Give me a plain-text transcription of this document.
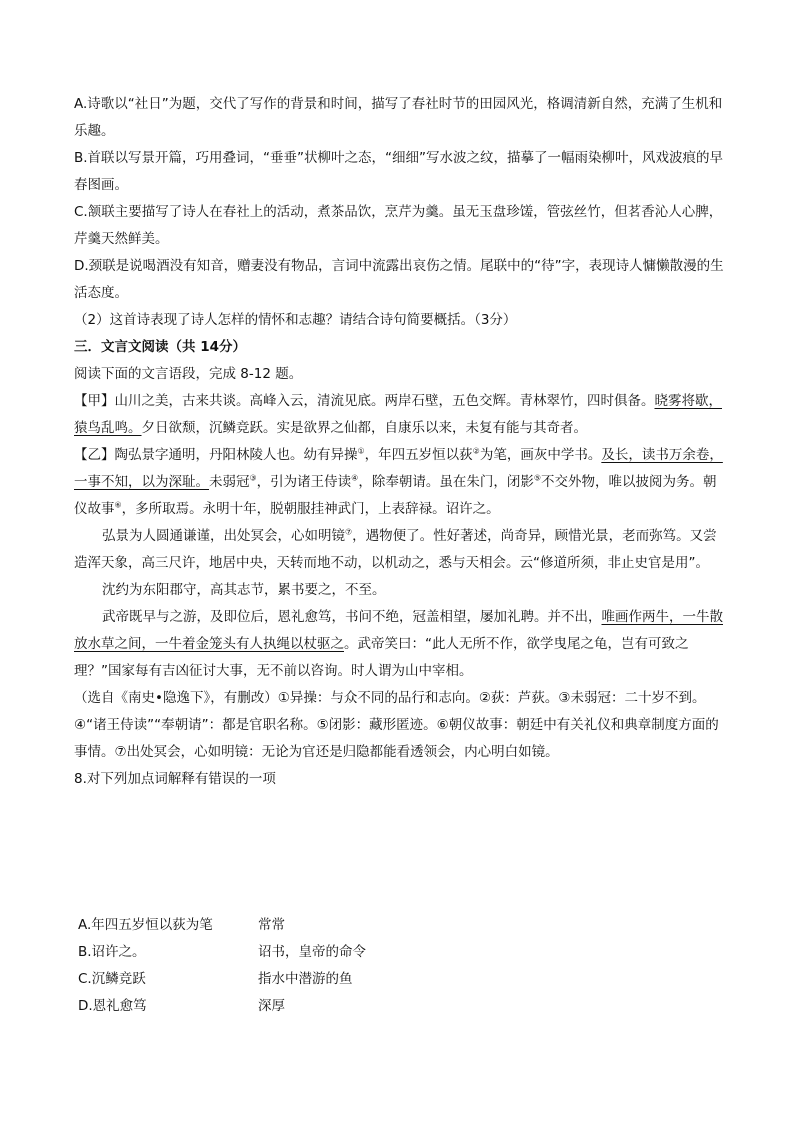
A.诗歌以“社日”为题，交代了写作的背景和时间，描写了春社时节的田园风光，格调清新自然，充满了生机和乐趣。

B.首联以写景开篇，巧用叠词，“垂垂”状柳叶之态，“细细”写水波之纹，描摹了一幅雨染柳叶，风戏波痕的早春图画。

C.颔联主要描写了诗人在春社上的活动，煮茶品饮，烹芹为羹。虽无玉盘珍馐，管弦丝竹，但茗香沁人心脾，芹羹天然鲜美。

D.颈联是说喝酒没有知音，赠妻没有物品，言词中流露出哀伤之情。尾联中的“待”字，表现诗人慵懒散漫的生活态度。

（2）这首诗表现了诗人怎样的情怀和志趣？请结合诗句简要概括。（3分）

三．文言文阅读（共 14分）

阅读下面的文言语段，完成 8-12 题。

【甲】山川之美，古来共谈。高峰入云，清流见底。两岸石壁，五色交辉。青林翠竹，四时俱备。晓雾将歇，猿鸟乱鸣。夕日欲颓，沉鳞竞跃。实是欲界之仙都，自康乐以来，未复有能与其奇者。

【乙】陶弘景字通明，丹阳林陵人也。幼有异操①，年四五岁恒以荻②为笔，画灰中学书。及长，读书万余卷，一事不知，以为深耻。未弱冠③，引为诸王侍读④，除奉朝请。虽在朱门，闭影⑤不交外物，唯以披阅为务。朝仪故事⑥，多所取焉。永明十年，脱朝服挂神武门，上表辞禄。诏许之。

弘景为人圆通谦谨，出处冥会，心如明镜⑦，遇物便了。性好著述，尚奇异，顾惜光景，老而弥笃。又尝造浑天象，高三尺许，地居中央，天转而地不动，以机动之，悉与天相会。云“修道所须，非止史官是用”。

沈约为东阳郡守，高其志节，累书要之，不至。

武帝既早与之游，及即位后，恩礼愈笃，书问不绝，冠盖相望，屡加礼聘。并不出，唯画作两牛，一牛散放水草之间，一牛着金笼头有人执绳以杖驱之。武帝笑曰：“此人无所不作，欲学曳尾之龟，岂有可致之理？”国家每有吉凶征讨大事，无不前以咨询。时人谓为山中宰相。

（选自《南史•隐逸下》，有删改）①异操：与众不同的品行和志向。②荻：芦荻。③未弱冠：二十岁不到。④“诸王侍读”“奉朝请”：都是官职名称。⑤闭影：藏形匿迹。⑥朝仪故事：朝廷中有关礼仪和典章制度方面的事情。⑦出处冥会，心如明镜：无论为官还是归隐都能看透领会，内心明白如镜。

8.对下列加点词解释有错误的一项

A.年四五岁恒以荻为笔	常常
B.诏许之。	诏书，皇帝的命令
C.沉鳞竞跃	指水中潜游的鱼
D.恩礼愈笃	深厚
